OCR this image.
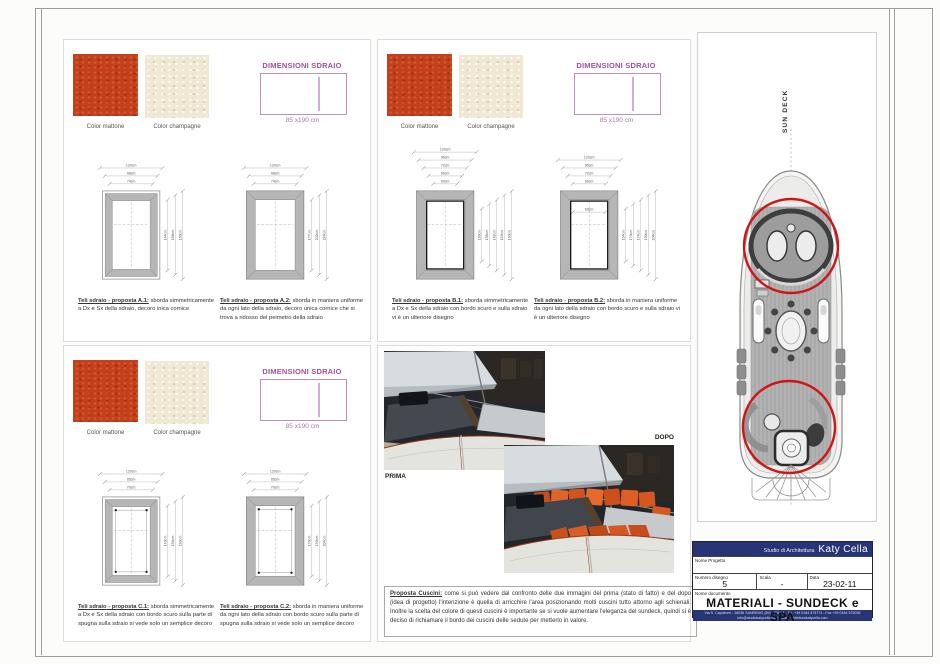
Color mattone	Color champagne
DIMENSIONI SDRAIO
85 x190 cm
120cm
98cm
74cm
144cm 168cm 190cm
Teli sdraio - proposta A.1: sborda simmetricamente a Dx e Sx della sdraio, decoro inica cornice
120cm
98cm
74cm
177cm 202cm 224cm
Teli sdraio - proposta A.2: sborda in maniera uniforme da ogni lato della sdraio, decoro unica cornice che si trova a ridosso del peimetro della sdraio
Color mattone	Color champagne
DIMENSIONI SDRAIO
85 x190 cm
120cm
96cm
72cm
66cm
60cm
130cm 138cm 142cm 154cm 190cm
Teli sdraio - proposta B.1: sborda simmetricamente a Dx e Sx della sdraio con bordo scuro e sulla sdraio vi è un ulteriore disegno
120cm
85cm
72cm
66cm
164cm 170cm 174cm 190cm 204cm
60cm
Teli sdraio - proposta B.2: sborda in maniera uniforme da ogni lato della sdraio con bordo scuro e sulla sdraio vi è un ulteriore disegno
Color mattone	Color champagne
DIMENSIONI SDRAIO
85 x190 cm
120cm
85cm
70cm
140cm 154cm 190cm
Teli sdraio - proposta C.1: sborda simmetricamente a Dx e Sx della sdraio con bordo scuro sulla parte di spugna sulla sdraio si vede solo un semplice decoro
120cm
85cm
70cm
176cm 190cm 204cm
Teli sdraio - proposta C.2: sborda in maniera uniforme da ogni lato della sdraio con bordo scuro sulla parte di spugna sulla sdraio si vede solo un semplice decoro
PRIMA
DOPO
Proposta Cuscini: come si può vedere dal confronto delle due immagini del prima (stato di fatto) e del dopo (idea di progetto) l'intenzione è quella di arricchire l'area posizionando molti cuscini tutto attorno agli schienali. Inoltre la scelta del colore di questi cuscini è importante se si vuole aumentare l'eleganza del sundeck, quindi si è deciso di richiamare il bordo dei cuscini delle sedute per metterlo in valore.
SUN DECK
Studio di Architettura Katy Cella
Nome Progetto
Numero disegno
5
Scala
-
Data
23-02-11
Nome documento
MATERIALI - SUNDECK e SPA
Via S. Capoliveri - 18038 SANREMO (IM) - ITALIA - Tel. +39 0184 573773 - Fax +39 0184 579035
info@studiokatycella.com www.architetturakatycella.com
